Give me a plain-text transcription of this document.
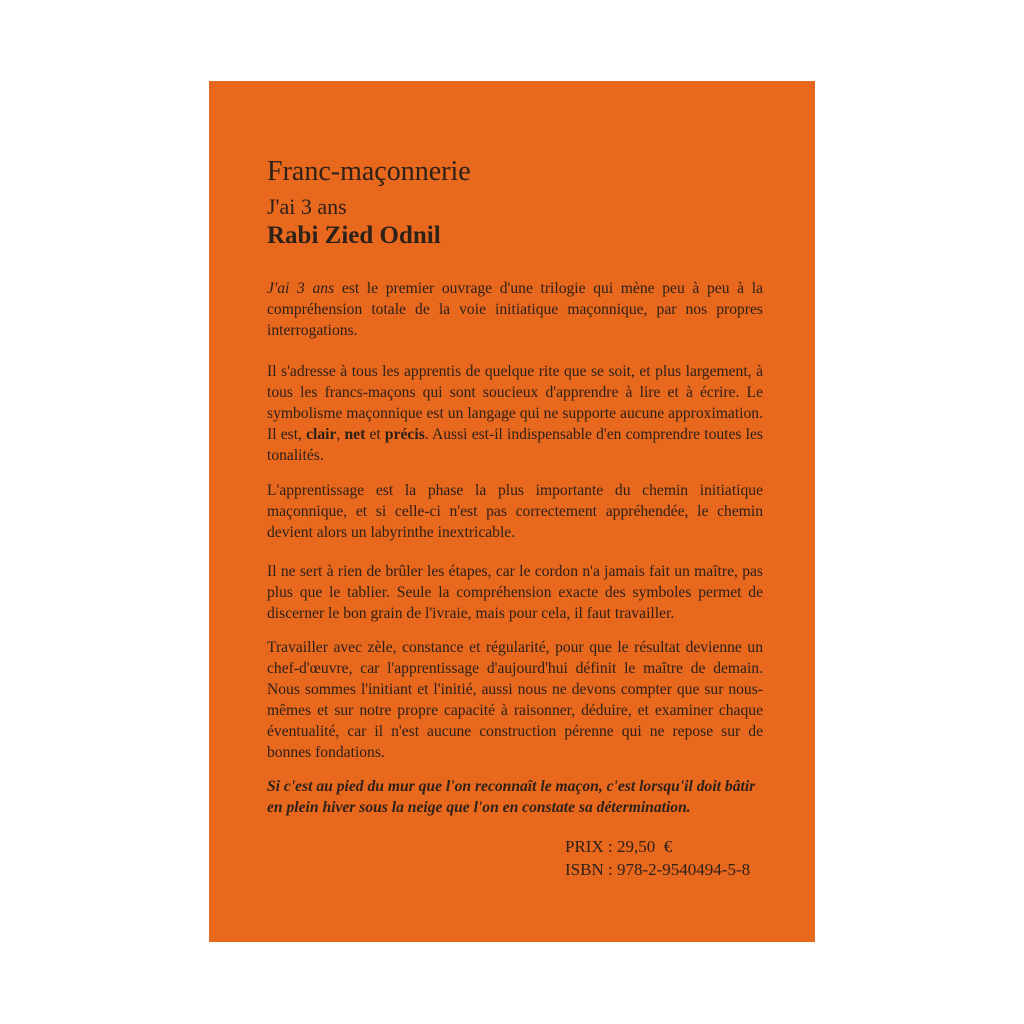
Franc-maçonnerie
J'ai 3 ans
Rabi Zied Odnil
J'ai 3 ans est le premier ouvrage d'une trilogie qui mène peu à peu à la compréhension totale de la voie initiatique maçonnique, par nos propres interrogations.
Il s'adresse à tous les apprentis de quelque rite que se soit, et plus largement, à tous les francs-maçons qui sont soucieux d'apprendre à lire et à écrire. Le symbolisme maçonnique est un langage qui ne supporte aucune approximation. Il est, clair, net et précis. Aussi est-il indispensable d'en comprendre toutes les tonalités.
L'apprentissage est la phase la plus importante du chemin initiatique maçonnique, et si celle-ci n'est pas correctement appréhendée, le chemin devient alors un labyrinthe inextricable.
Il ne sert à rien de brûler les étapes, car le cordon n'a jamais fait un maître, pas plus que le tablier. Seule la compréhension exacte des symboles permet de discerner le bon grain de l'ivraie, mais pour cela, il faut travailler.
Travailler avec zèle, constance et régularité, pour que le résultat devienne un chef-d'œuvre, car l'apprentissage d'aujourd'hui définit le maître de demain. Nous sommes l'initiant et l'initié, aussi nous ne devons compter que sur nous-mêmes et sur notre propre capacité à raisonner, déduire, et examiner chaque éventualité, car il n'est aucune construction pérenne qui ne repose sur de bonnes fondations.
Si c'est au pied du mur que l'on reconnaît le maçon, c'est lorsqu'il doit bâtir en plein hiver sous la neige que l'on en constate sa détermination.
PRIX : 29,50  €
ISBN : 978-2-9540494-5-8
